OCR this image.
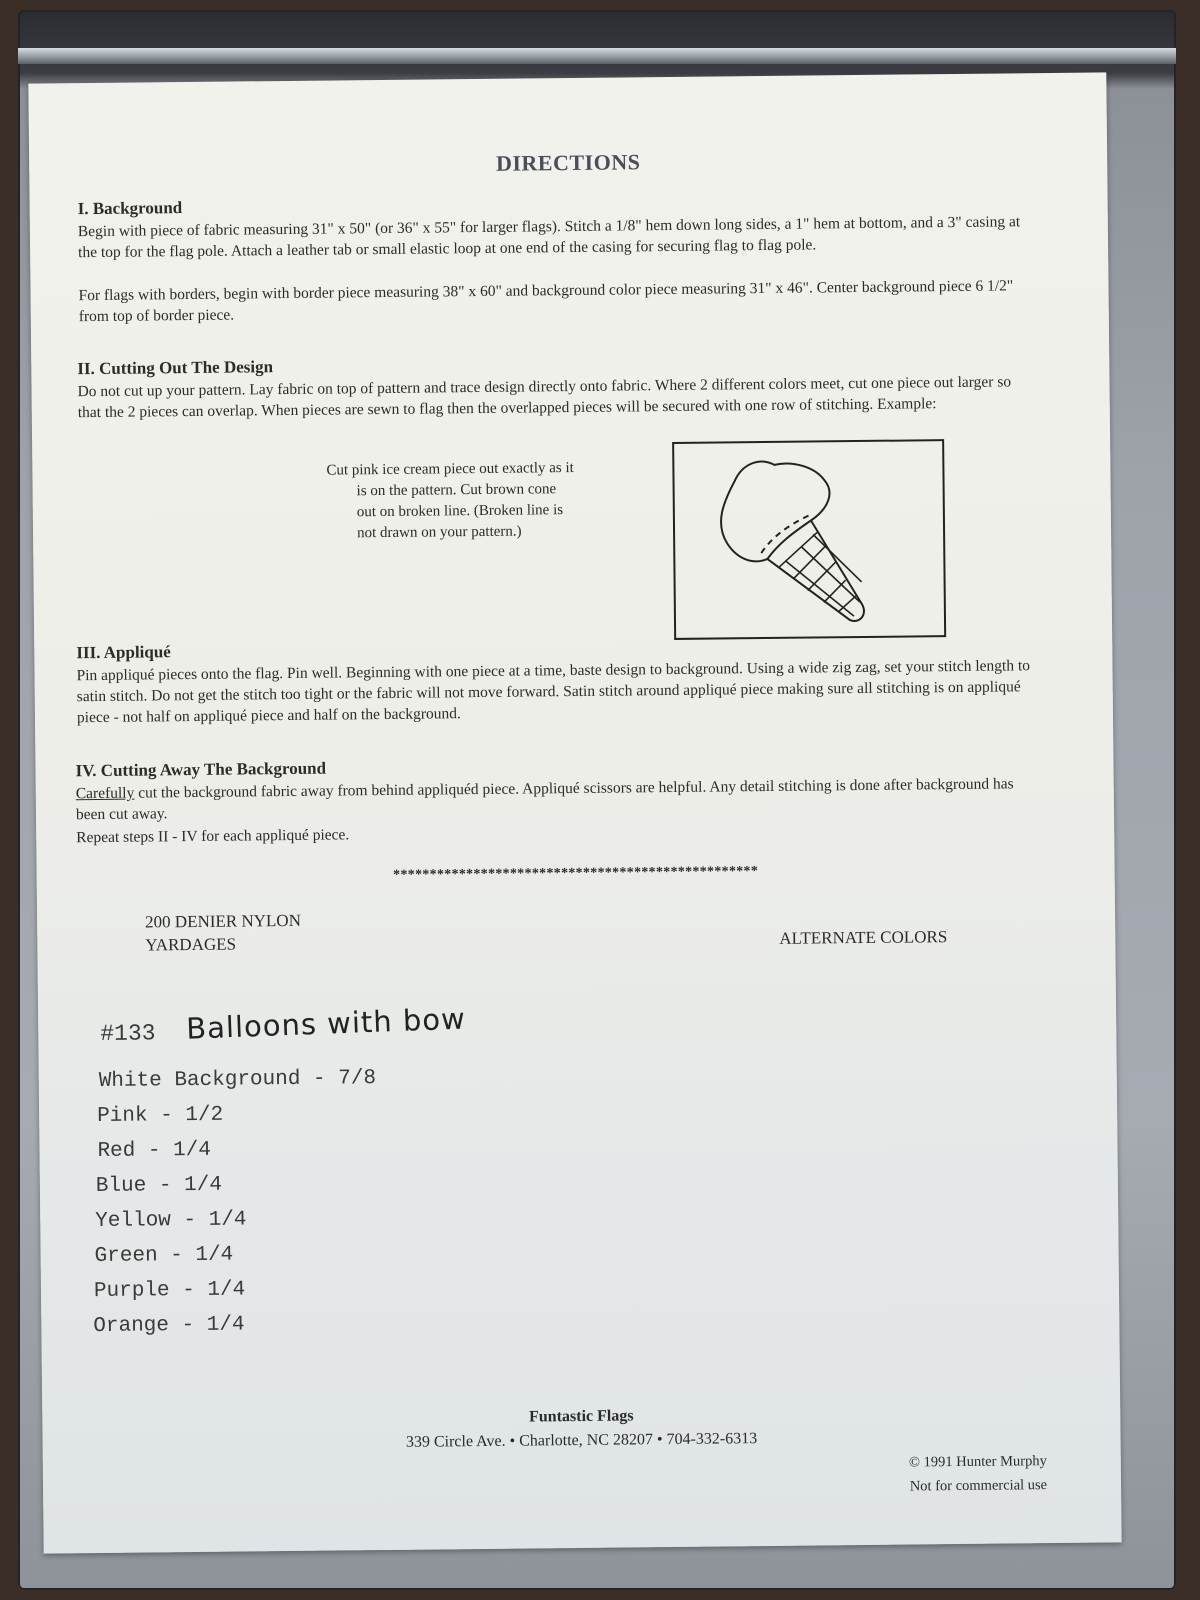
DIRECTIONS
I. Background
Begin with piece of fabric measuring 31" x 50" (or 36" x 55" for larger flags). Stitch a 1/8" hem down long sides, a 1" hem at bottom, and a 3" casing at the top for the flag pole. Attach a leather tab or small elastic loop at one end of the casing for securing flag to flag pole.
For flags with borders, begin with border piece measuring 38" x 60" and background color piece measuring 31" x 46". Center background piece 6 1/2" from top of border piece.
II. Cutting Out The Design
Do not cut up your pattern. Lay fabric on top of pattern and trace design directly onto fabric. Where 2 different colors meet, cut one piece out larger so that the 2 pieces can overlap. When pieces are sewn to flag then the overlapped pieces will be secured with one row of stitching. Example:
Cut pink ice cream piece out exactly as it
is on the pattern. Cut brown cone
out on broken line. (Broken line is
not drawn on your pattern.)
III. Appliqué
Pin appliqué pieces onto the flag. Pin well. Beginning with one piece at a time, baste design to background. Using a wide zig zag, set your stitch length to satin stitch. Do not get the stitch too tight or the fabric will not move forward. Satin stitch around appliqué piece making sure all stitching is on appliqué piece - not half on appliqué piece and half on the background.
IV. Cutting Away The Background
Carefully cut the background fabric away from behind appliquéd piece. Appliqué scissors are helpful. Any detail stitching is done after background has been cut away.
Repeat steps II - IV for each appliqué piece.
**************************************************
200 DENIER NYLON
YARDAGES	ALTERNATE COLORS
#133 Balloons with bow
White Background - 7/8
Pink - 1/2
Red - 1/4
Blue - 1/4
Yellow - 1/4
Green - 1/4
Purple - 1/4
Orange - 1/4
Funtastic Flags
339 Circle Ave. • Charlotte, NC 28207 • 704-332-6313
© 1991 Hunter Murphy
Not for commercial use
